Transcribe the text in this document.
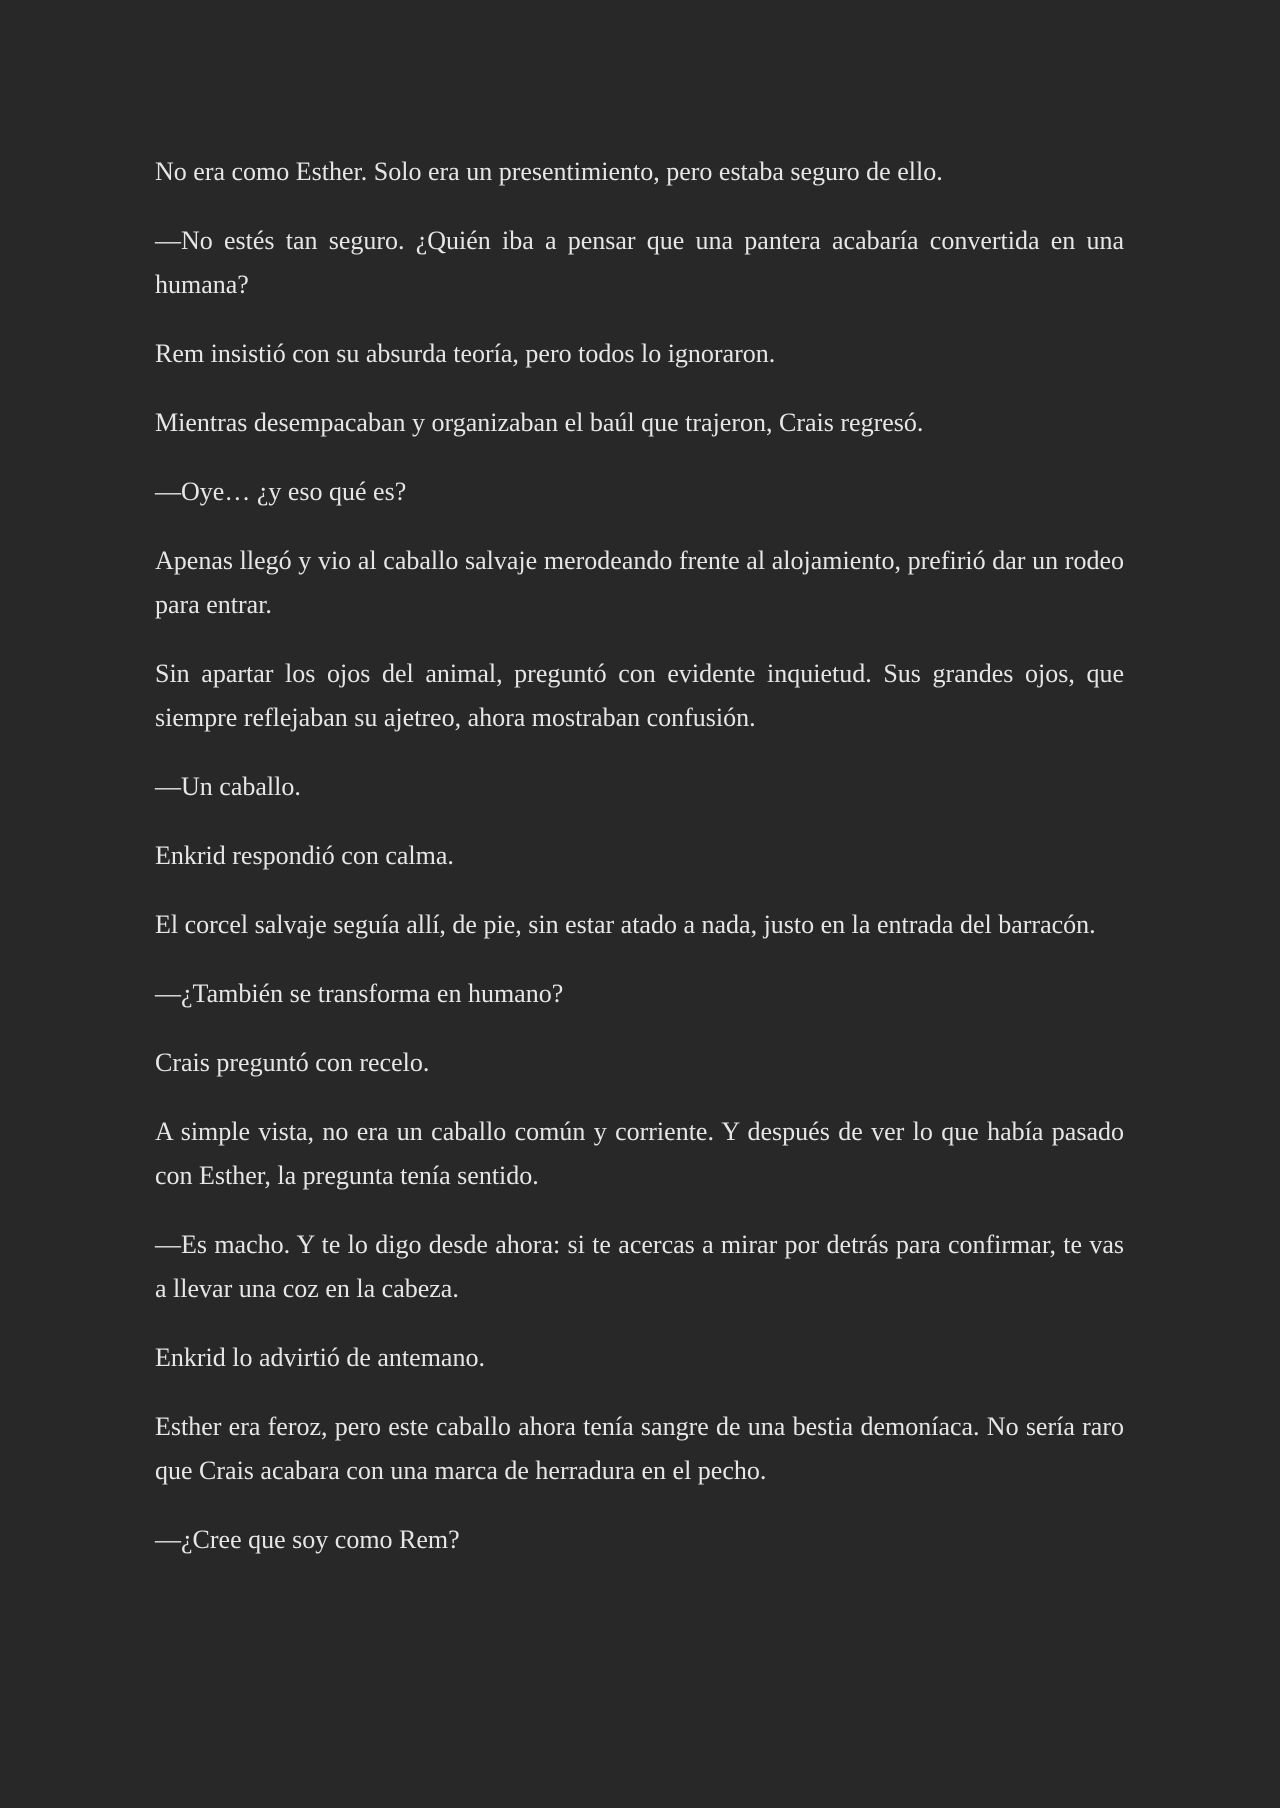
No era como Esther. Solo era un presentimiento, pero estaba seguro de ello.

—No estés tan seguro. ¿Quién iba a pensar que una pantera acabaría convertida en una humana?

Rem insistió con su absurda teoría, pero todos lo ignoraron.

Mientras desempacaban y organizaban el baúl que trajeron, Crais regresó.

—Oye… ¿y eso qué es?

Apenas llegó y vio al caballo salvaje merodeando frente al alojamiento, prefirió dar un rodeo para entrar.

Sin apartar los ojos del animal, preguntó con evidente inquietud. Sus grandes ojos, que siempre reflejaban su ajetreo, ahora mostraban confusión.

—Un caballo.

Enkrid respondió con calma.

El corcel salvaje seguía allí, de pie, sin estar atado a nada, justo en la entrada del barracón.

—¿También se transforma en humano?

Crais preguntó con recelo.

A simple vista, no era un caballo común y corriente. Y después de ver lo que había pasado con Esther, la pregunta tenía sentido.

—Es macho. Y te lo digo desde ahora: si te acercas a mirar por detrás para confirmar, te vas a llevar una coz en la cabeza.

Enkrid lo advirtió de antemano.

Esther era feroz, pero este caballo ahora tenía sangre de una bestia demoníaca. No sería raro que Crais acabara con una marca de herradura en el pecho.

—¿Cree que soy como Rem?
